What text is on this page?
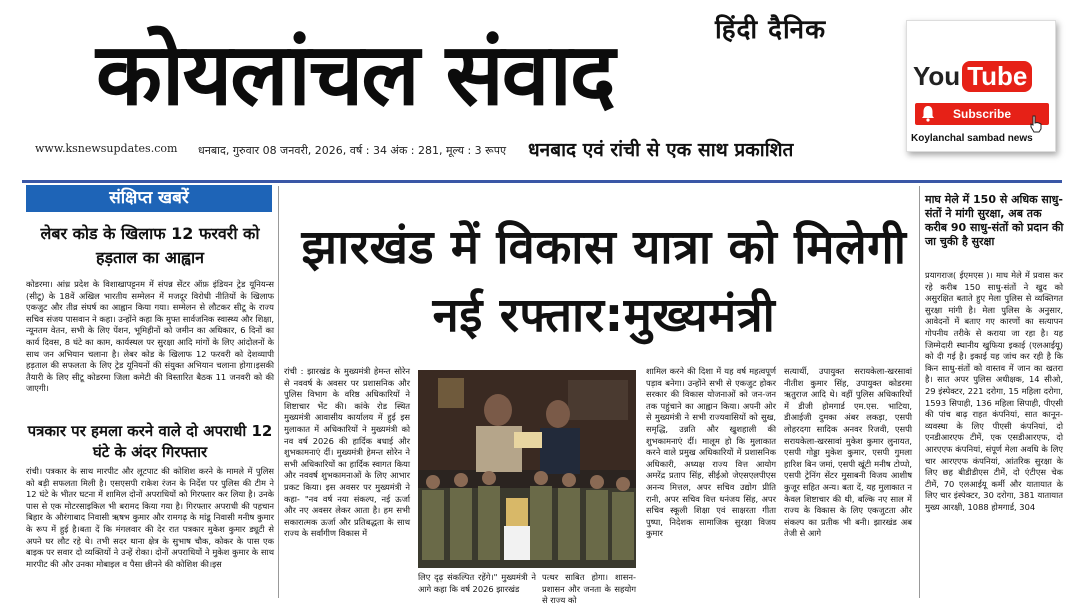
हिंदी दैनिक
कोयलांचल संवाद
www.ksnewsupdates.com धनबाद, गुरुवार 08 जनवरी, 2026, वर्ष : 34 अंक : 281, मूल्य : 3 रूपए धनबाद एवं रांची से एक साथ प्रकाशित
You Tube
Subscribe
Koylanchal sambad news
संक्षिप्त खबरें
लेबर कोड के खिलाफ 12 फरवरी को हड़ताल का आह्वान
कोडरमा। आंध्र प्रदेश के विशाखापट्टनम में संपन्न सेंटर ऑफ़ इंडियन ट्रेड यूनियन्स (सीटू) के 18वें अखिल भारतीय सम्मेलन में मजदूर विरोधी नीतियों के खिलाफ एकजुट और तीव्र संघर्ष का आह्वान किया गया। सम्मेलन से लौटकर सीटू के राज्य सचिव संजय पासवान ने कहा। उन्होंने कहा कि मुफ्त सार्वजनिक स्वास्थ्य और शिक्षा, न्यूनतम वेतन, सभी के लिए पेंशन, भूमिहीनों को जमीन का अधिकार, 6 दिनों का कार्य दिवस, 8 घंटे का काम, कार्यस्थल पर सुरक्षा आदि मांगों के लिए आंदोलनों के साथ जन अभियान चलाना है। लेबर कोड के खिलाफ 12 फरवरी को देशव्यापी हड़ताल की सफलता के लिए ट्रेड यूनियनों की संयुक्त अभियान चलाना होगा।इसकी तैयारी के लिए सीटू कोडरमा जिला कमेटी की विस्तारित बैठक 11 जनवरी को की जाएगी।
पत्रकार पर हमला करने वाले दो अपराधी 12 घंटे के अंदर गिरफ्तार
रांची। पत्रकार के साथ मारपीट और लूटपाट की कोशिश करने के मामले में पुलिस को बड़ी सफलता मिली है। एसएसपी राकेश रंजन के निर्देश पर पुलिस की टीम ने 12 घंटे के भीतर घटना में शामिल दोनों अपराधियों को गिरफ्तार कर लिया है। उनके पास से एक मोटरसाइकिल भी बरामद किया गया है। गिरफ्तार अपराधी की पहचान बिहार के औरंगाबाद निवासी ऋषभ कुमार और रामगढ़ के मांडू निवासी मनीष कुमार के रूप में हुई है।बता दें कि मंगलवार की देर रात पत्रकार मुकेश कुमार ड्यूटी से अपने घर लौट रहे थे। तभी सदर थाना क्षेत्र के सुभाष चौक, कोकर के पास एक बाइक पर सवार दो व्यक्तियों ने उन्हें रोका। दोनों अपराधियों ने मुकेश कुमार के साथ मारपीट की और उनका मोबाइल व पैसा छीनने की कोशिश की।इस
झारखंड में विकास यात्रा को मिलेगी नई रफ्तार:मुख्यमंत्री
रांची : झारखंड के मुख्यमंत्री हेमन्त सोरेन से नववर्ष के अवसर पर प्रशासनिक और पुलिस विभाग के वरिष्ठ अधिकारियों ने शिष्टाचार भेंट की। कांके रोड स्थित मुख्यमंत्री आवासीय कार्यालय में हुई इस मुलाकात में अधिकारियों ने मुख्यमंत्री को नव वर्ष 2026 की हार्दिक बधाई और शुभकामनाएं दीं। मुख्यमंत्री हेमन्त सोरेन ने सभी अधिकारियों का हार्दिक स्वागत किया और नववर्ष शुभकामनाओं के लिए आभार प्रकट किया। इस अवसर पर मुख्यमंत्री ने कहा- "नव वर्ष नया संकल्प, नई ऊर्जा और नए अवसर लेकर आता है। हम सभी सकारात्मक ऊर्जा और प्रतिबद्धता के साथ राज्य के सर्वांगीण विकास में
लिए दृढ़ संकल्पित रहेंगे।" मुख्यमंत्री ने आगे कहा कि वर्ष 2026 झारखंड
पत्थर साबित होगा। शासन-प्रशासन और जनता के सहयोग से राज्य को
शामिल करने की दिशा में यह वर्ष महत्वपूर्ण पड़ाव बनेगा। उन्होंने सभी से एकजुट होकर सरकार की विकास योजनाओं को जन-जन तक पहुंचाने का आह्वान किया। अपनी ओर से मुख्यमंत्री ने सभी राज्यवासियों को सुख, समृद्धि, उन्नति और खुशहाली की शुभकामनाएं दीं। मालूम हो कि मुलाकात करने वाले प्रमुख अधिकारियों में प्रशासनिक अधिकारी, अध्यक्ष राज्य वित्त आयोग अमरेंद्र प्रताप सिंह, सीईओ जेएसएलपीएस अनन्य मित्तल, अपर सचिव उद्योग प्रीति रानी, अपर सचिव वित्त धनंजय सिंह, अपर सचिव स्कूली शिक्षा एवं साक्षरता गीता पुष्पा, निदेशक सामाजिक सुरक्षा विजय कुमार
सत्यार्थी, उपायुक्त सरायकेला-खरसावां नीतीश कुमार सिंह, उपायुक्त कोडरमा ऋतुराज आदि थे। वहीं पुलिस अधिकारियों में डीजी होमगार्ड एम.एस. भाटिया, डीआईजी दुमका अंबर लकड़ा, एसपी लोहरदगा सादिक अनवर रिजवी, एसपी सरायकेला-खरसावां मुकेश कुमार लुनायत, एसपी गोड्डा मुकेश कुमार, एसपी गुमला हारिश बिन जमां, एसपी खूंटी मनीष टोप्पो, एसपी ट्रेनिंग सेंटर मुसाबनी विजय आशीष कुजूर सहित अन्य। बता दें, यह मुलाकात न केवल शिष्टाचार की थी, बल्कि नए साल में राज्य के विकास के लिए एकजुटता और संकल्प का प्रतीक भी बनी। झारखंड अब तेजी से आगे
माघ मेले में 150 से अधिक साधु-संतों ने मांगी सुरक्षा, अब तक करीब 90 साधु-संतों को प्रदान की जा चुकी है सुरक्षा
प्रयागराज( ईएमएस )। माघ मेले में प्रवास कर रहे करीब 150 साधु-संतों ने खुद को असुरक्षित बताते हुए मेला पुलिस से व्यक्तिगत सुरक्षा मांगी है। मेला पुलिस के अनुसार, आवेदनों में बताए गए कारणों का सत्यापन गोपनीय तरीके से कराया जा रहा है। यह जिम्मेदारी स्थानीय खुफिया इकाई (एलआईयू) को दी गई है। इकाई यह जांच कर रही है कि किन साधु-संतों को वास्तव में जान का खतरा है। सात अपर पुलिस अधीक्षक, 14 सीओ, 29 इंस्पेक्टर, 221 दरोगा, 15 महिला दरोगा, 1593 सिपाही, 136 महिला सिपाही, पीएसी की पांच बाढ़ राहत कंपनियां, सात कानून-व्यवस्था के लिए पीएसी कंपनियां, दो एनडीआरएफ टीमें, एक एसडीआरएफ, दो आरएएफ कंपनियां, संपूर्ण मेला अवधि के लिए चार आरएएफ कंपनियां, आंतरिक सुरक्षा के लिए छह बीडीडीएस टीमें, दो एंटीएस चेक टीमें, 70 एलआईयू कर्मी और यातायात के लिए चार इंस्पेक्टर, 30 दरोगा, 381 यातायात मुख्य आरक्षी, 1088 होमगार्ड, 304
